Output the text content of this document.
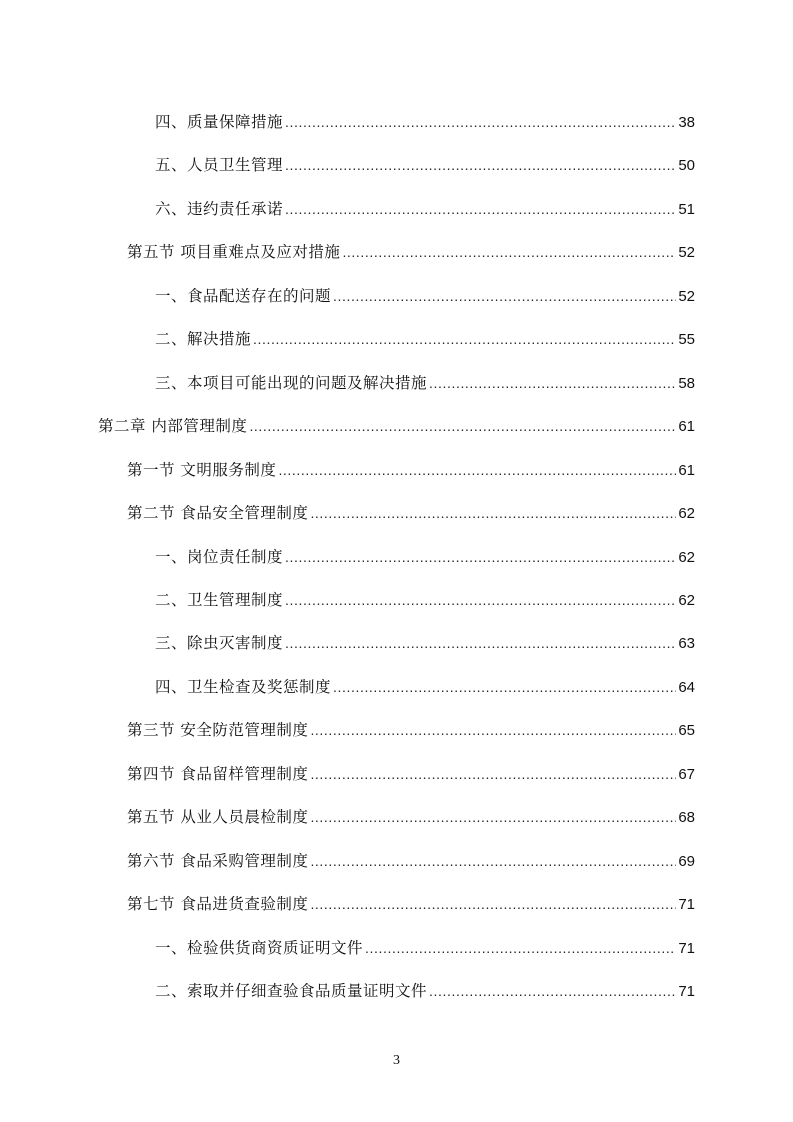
四、质量保障措施 .....	38
五、人员卫生管理 .....	50
六、违约责任承诺 .....	51
第五节 项目重难点及应对措施 .....	52
一、食品配送存在的问题 .....	52
二、解决措施 .....	55
三、本项目可能出现的问题及解决措施 .....	58
第二章 内部管理制度 .....	61
第一节 文明服务制度 .....	61
第二节 食品安全管理制度 .....	62
一、岗位责任制度 .....	62
二、卫生管理制度 .....	62
三、除虫灭害制度 .....	63
四、卫生检查及奖惩制度 .....	64
第三节 安全防范管理制度 .....	65
第四节 食品留样管理制度 .....	67
第五节 从业人员晨检制度 .....	68
第六节 食品采购管理制度 .....	69
第七节 食品进货查验制度 .....	71
一、检验供货商资质证明文件 .....	71
二、索取并仔细查验食品质量证明文件 .....	71
3
